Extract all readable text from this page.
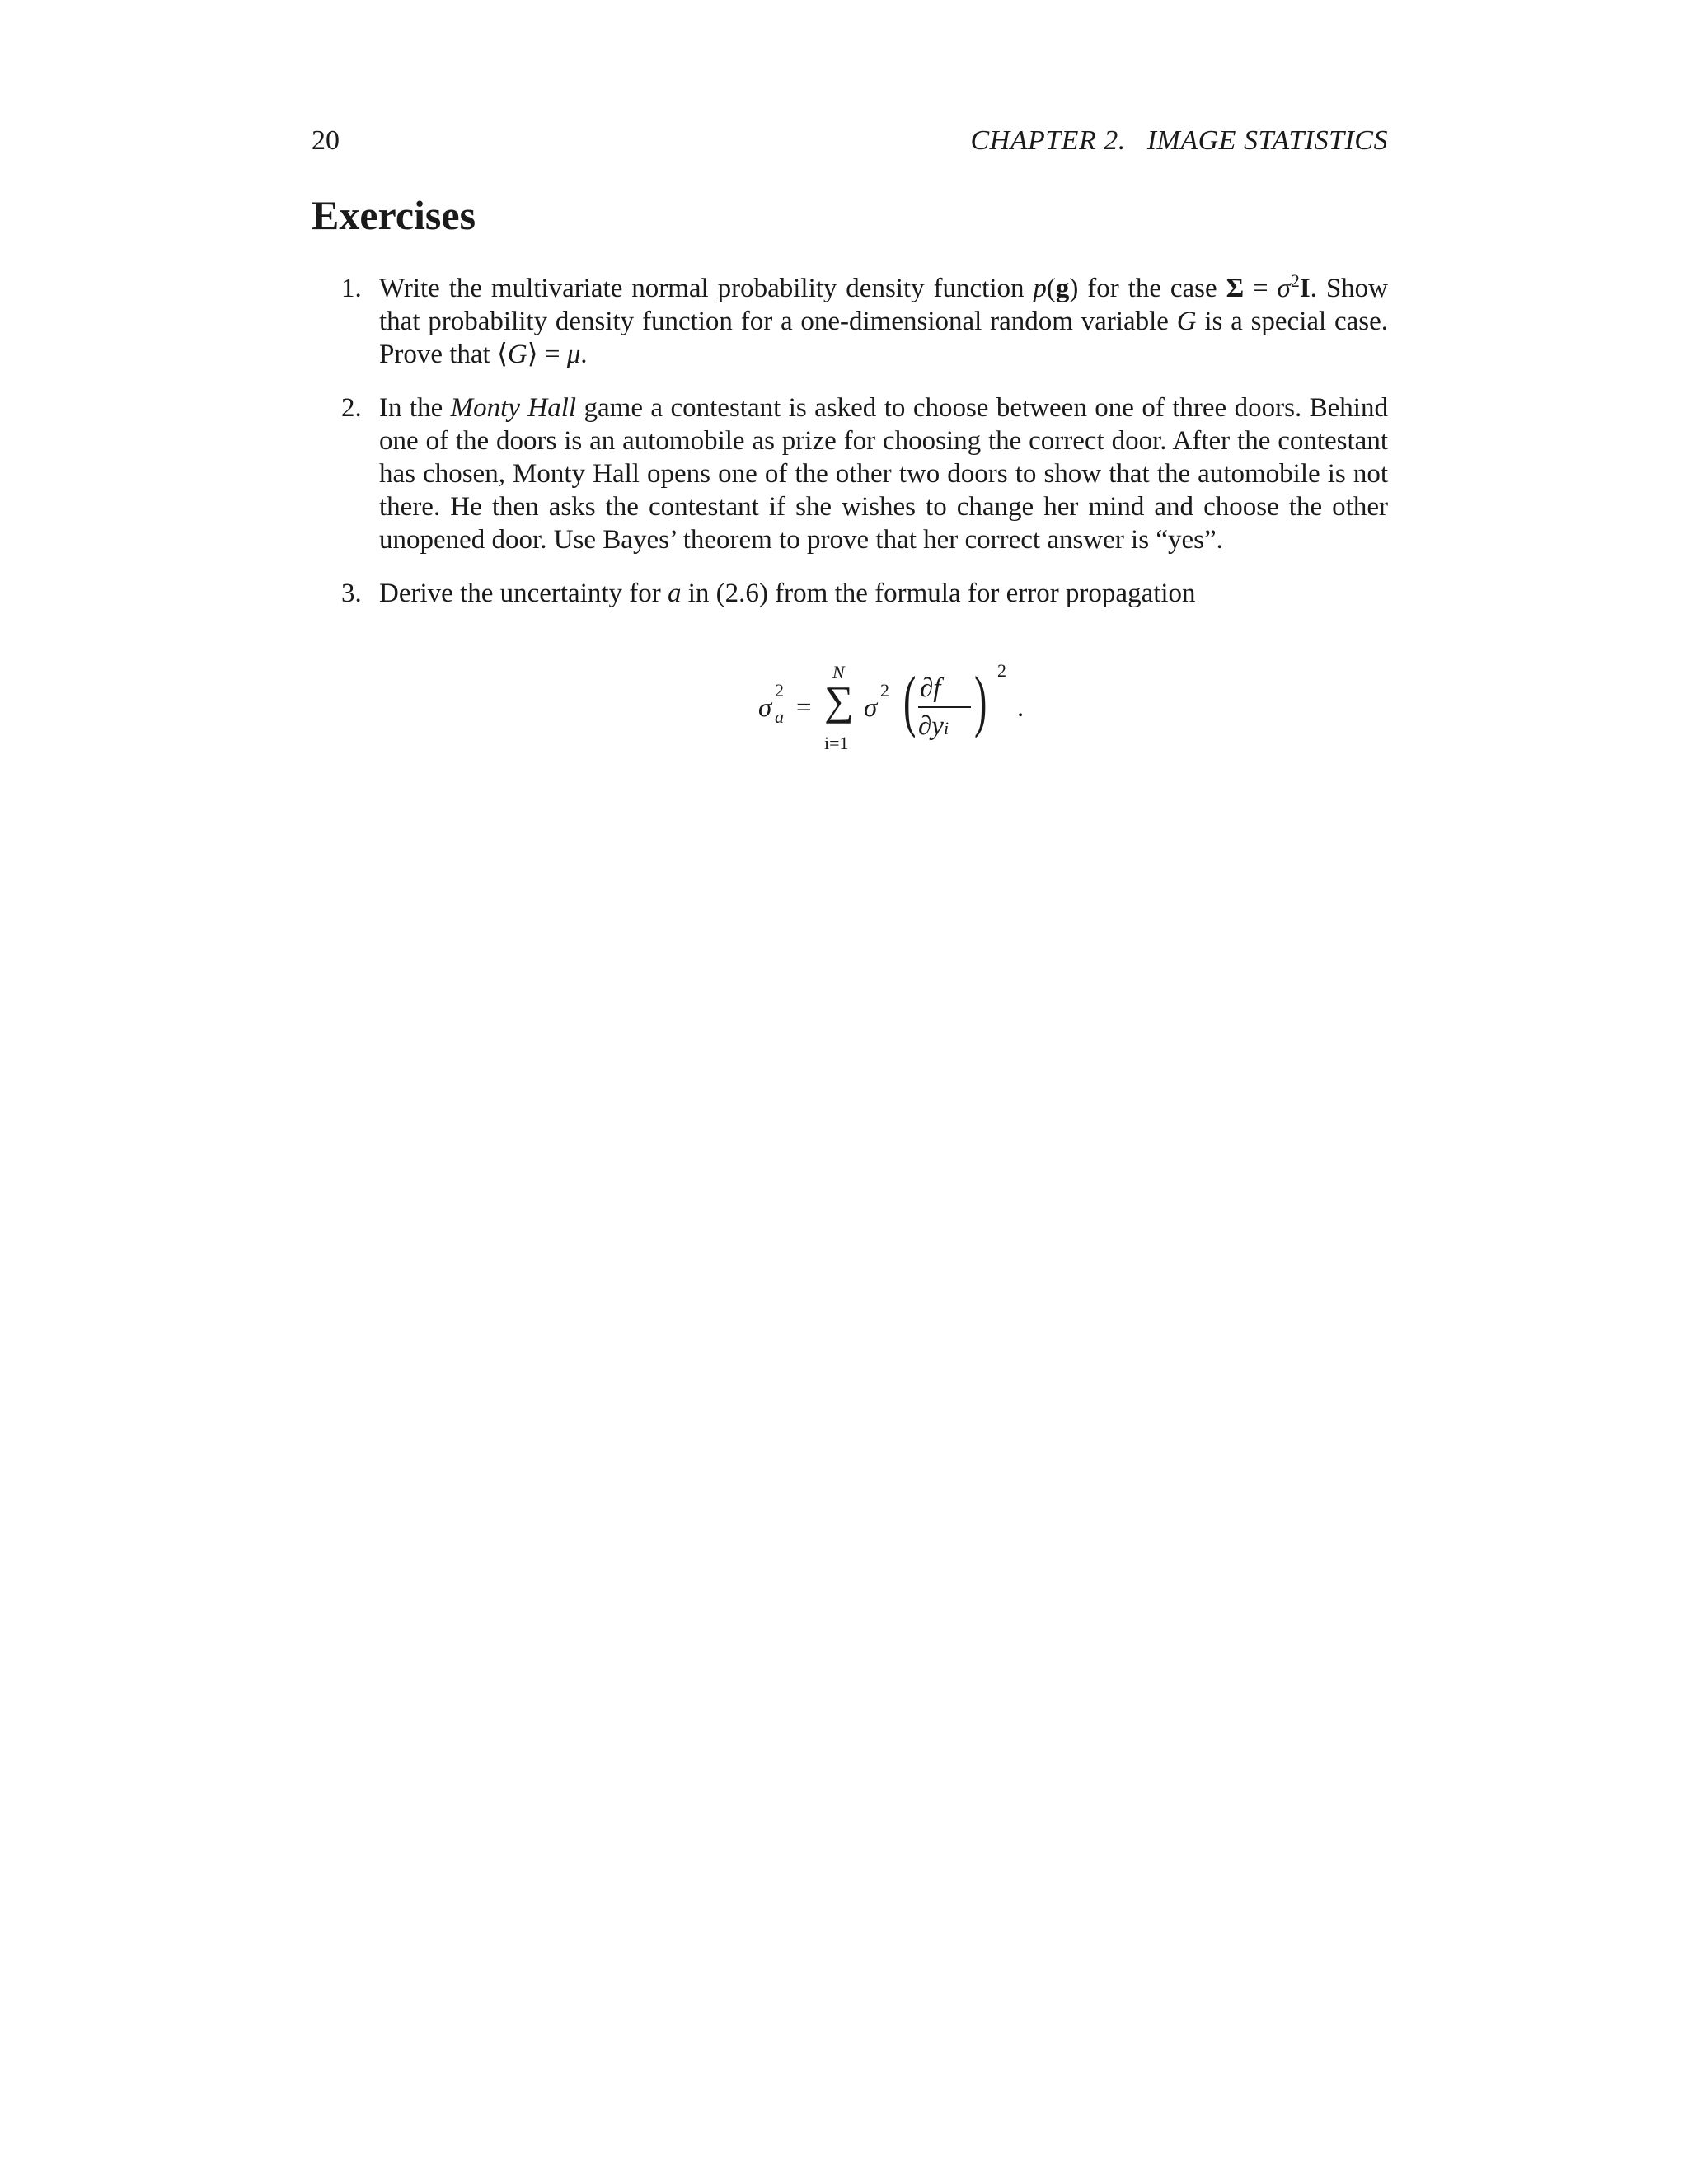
20	CHAPTER 2. IMAGE STATISTICS
Exercises
1. Write the multivariate normal probability density function p(g) for the case $\Sigma = \sigma^2I$. Show that probability density function for a one-dimensional random variable G is a special case. Prove that ⟨G⟩ = μ.
2. In the Monty Hall game a contestant is asked to choose between one of three doors. Behind one of the doors is an automobile as prize for choosing the correct door. After the contestant has chosen, Monty Hall opens one of the other two doors to show that the automobile is not there. He then asks the contestant if she wishes to change her mind and choose the other unopened door. Use Bayes’ theorem to prove that her correct answer is “yes”.
3. Derive the uncertainty for a in (2.6) from the formula for error propagation
σ
2
a =
N
∑
i=1
σ
2 ( ∂f
∂yi ) 2
.
